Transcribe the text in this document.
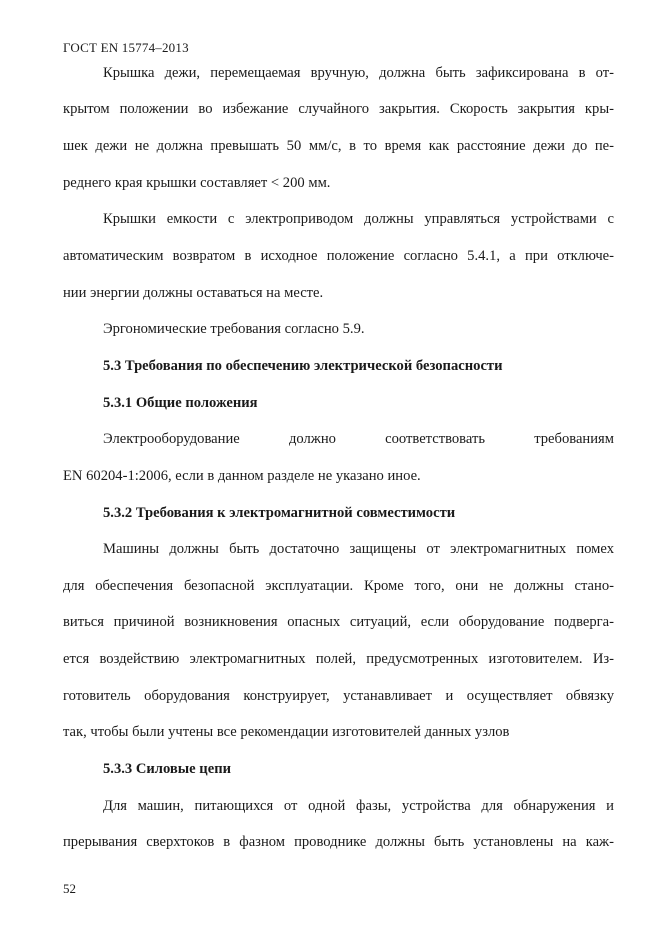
ГОСТ EN 15774–2013
Крышка дежи, перемещаемая вручную, должна быть зафиксирована в от-
крытом положении во избежание случайного закрытия. Скорость закрытия кры-
шек дежи не должна превышать 50 мм/с, в то время как расстояние дежи до пе-
реднего края крышки составляет < 200 мм.
Крышки емкости с электроприводом должны управляться устройствами с
автоматическим возвратом в исходное положение согласно 5.4.1, а при отключе-
нии энергии должны оставаться на месте.
Эргономические требования согласно 5.9.
5.3 Требования по обеспечению электрической безопасности
5.3.1 Общие положения
Электрооборудование должно соответствовать требованиям
EN 60204-1:2006, если в данном разделе не указано иное.
5.3.2 Требования к электромагнитной совместимости
Машины должны быть достаточно защищены от электромагнитных помех
для обеспечения безопасной эксплуатации. Кроме того, они не должны стано-
виться причиной возникновения опасных ситуаций, если оборудование подверга-
ется воздействию электромагнитных полей, предусмотренных изготовителем. Из-
готовитель оборудования конструирует, устанавливает и осуществляет обвязку
так, чтобы были учтены все рекомендации изготовителей данных узлов
5.3.3 Силовые цепи
Для машин, питающихся от одной фазы, устройства для обнаружения и
прерывания сверхтоков в фазном проводнике должны быть установлены на каж-
52
